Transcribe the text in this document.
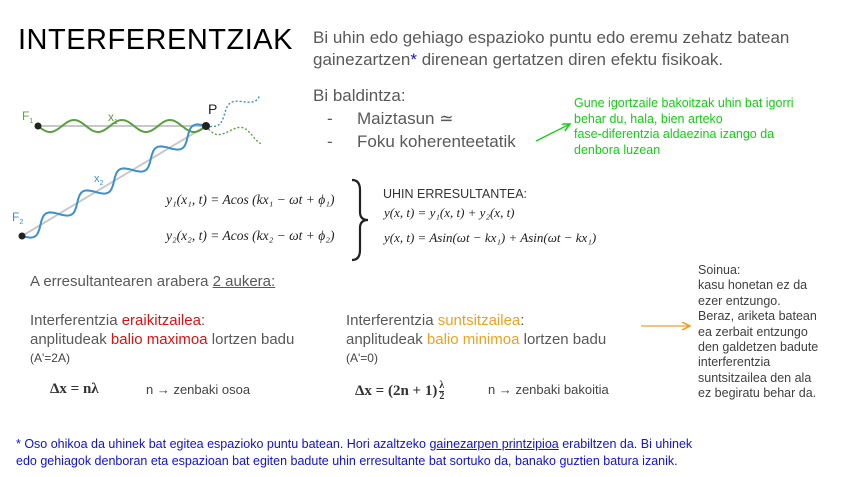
INTERFERENTZIAK Bi uhin edo gehiago espazioko puntu edo eremu zehatz batean
gainezartzen* direnean gertatzen diren efektu fisikoak.
Bi baldintza:
- Maiztasun ≃
- Foku koherenteetatik
Gune igortzaile bakoitzak uhin bat igorri
behar du, hala, bien arteko
fase-diferentzia aldaezina izango da
denbora luzean
$F_1$
$F_2$
$x_1$
$x_2$
P
y₁(x₁, t) = Acos (kx₁ − ωt + ϕ₁)
y₂(x₂, t) = Acos (kx₂ − ωt + ϕ₂)
UHIN ERRESULTANTEA:
y(x, t) = y₁(x, t) + y₂(x, t)
y(x, t) = Asin(ωt − kx₁) + Asin(ωt − kx₁)
A erresultantearen arabera 2 aukera:
Interferentzia eraikitzailea:
anplitudeak balio maximoa lortzen badu
(A'=2A)
Δx = nλ	n → zenbaki osoa
Interferentzia suntsitzailea:
anplitudeak balio minimoa lortzen badu
(A'=0)
$\Delta x = (2n + 1) \frac{\lambda}{2}$	n → zenbaki bakoitia
Soinua:
kasu honetan ez da
ezer entzungo.
Beraz, ariketa batean
ea zerbait entzungo
den galdetzen badute
interferentzia
suntsitzailea den ala
ez begiratu behar da.
* Oso ohikoa da uhinek bat egitea espazioko puntu batean. Hori azaltzeko gainezarpen printzipioa erabiltzen da. Bi uhinek
edo gehiagok denboran eta espazioan bat egiten badute uhin erresultante bat sortuko da, banako guztien batura izanik.
